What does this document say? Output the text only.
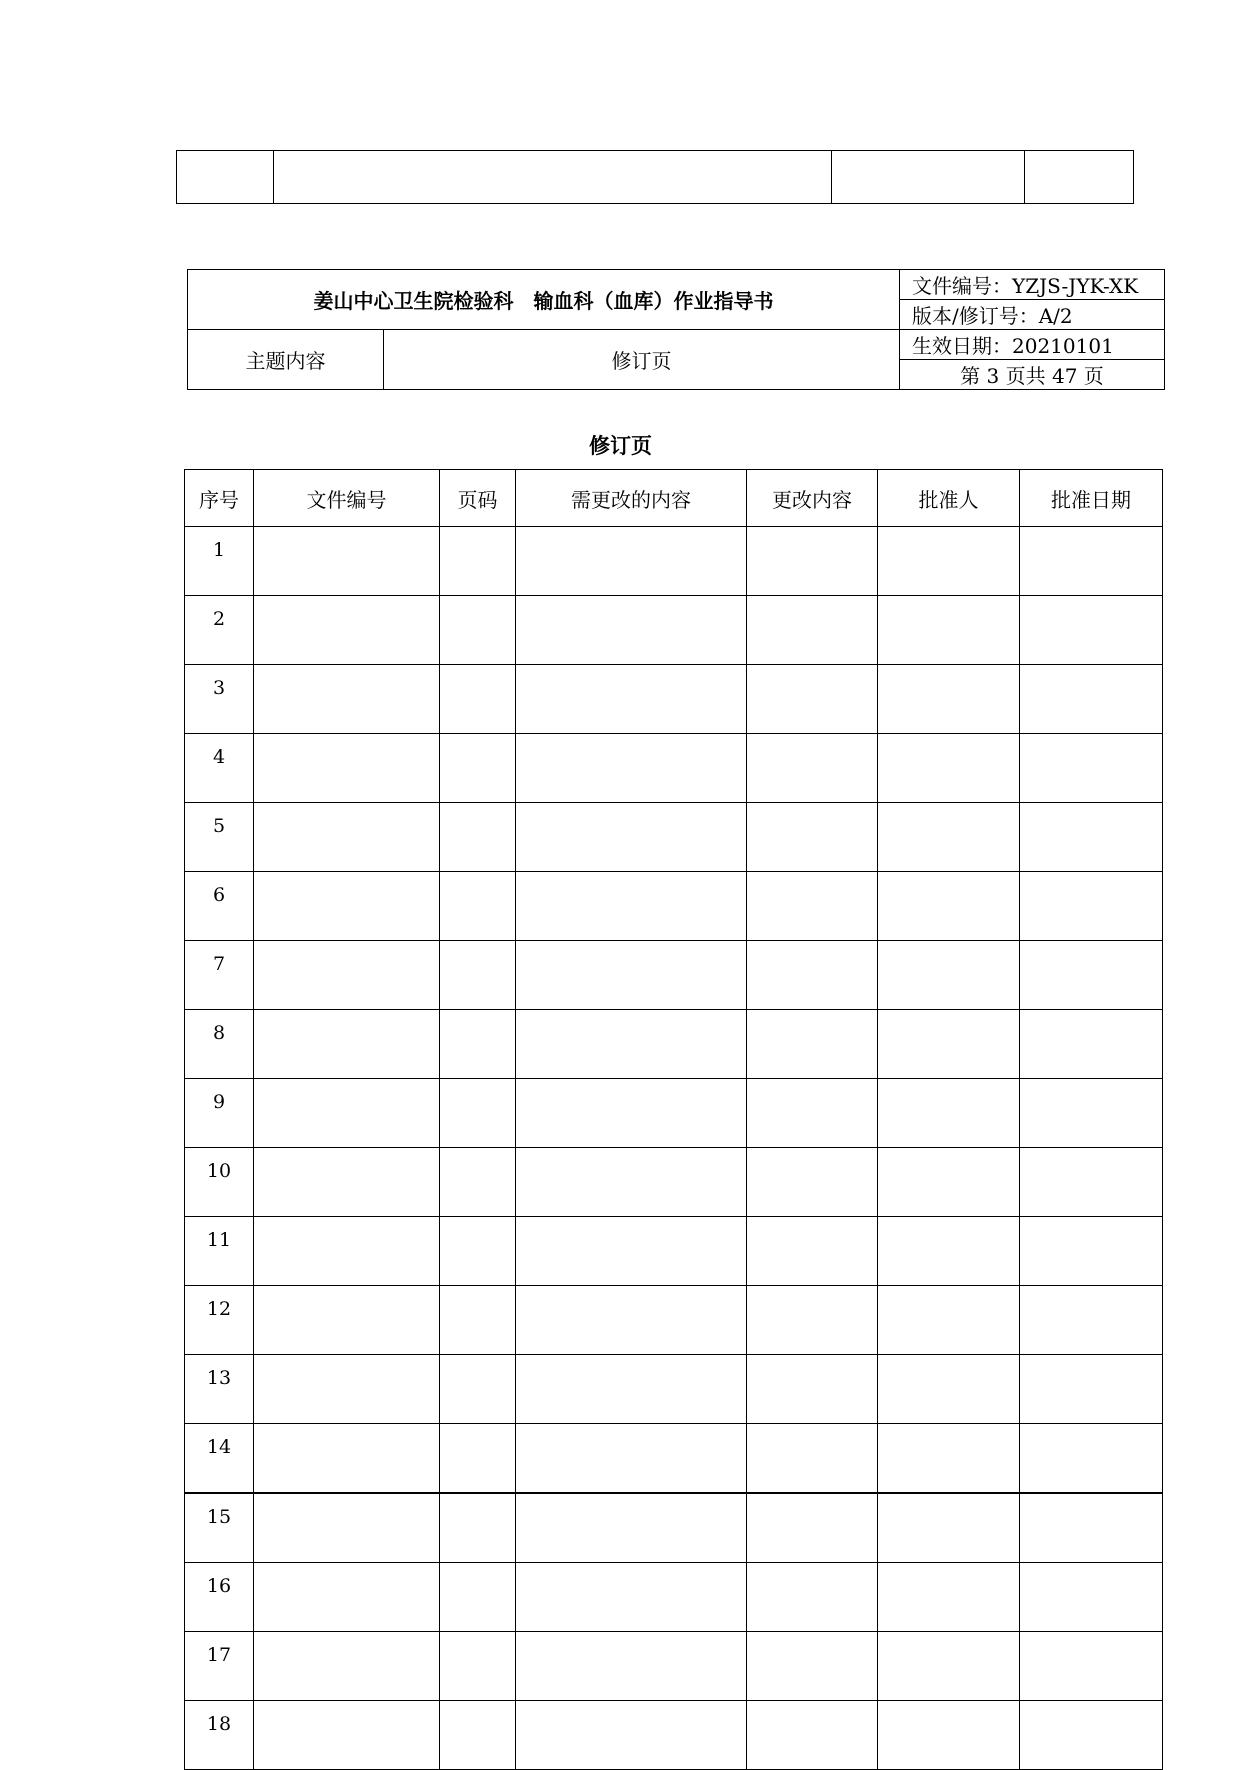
姜山中心卫生院检验科　输血科（血库）作业指导书		文件编号：YZJS-JYK-XK
		版本/修订号：A/2
主题内容	修订页	生效日期：20210101
		第 3 页共 47 页
修订页
序号	文件编号	页码	需更改的内容	更改内容	批准人	批准日期
1						
2						
3						
4						
5						
6						
7						
8						
9						
10						
11						
12						
13						
14						
15						
16						
17						
18						
